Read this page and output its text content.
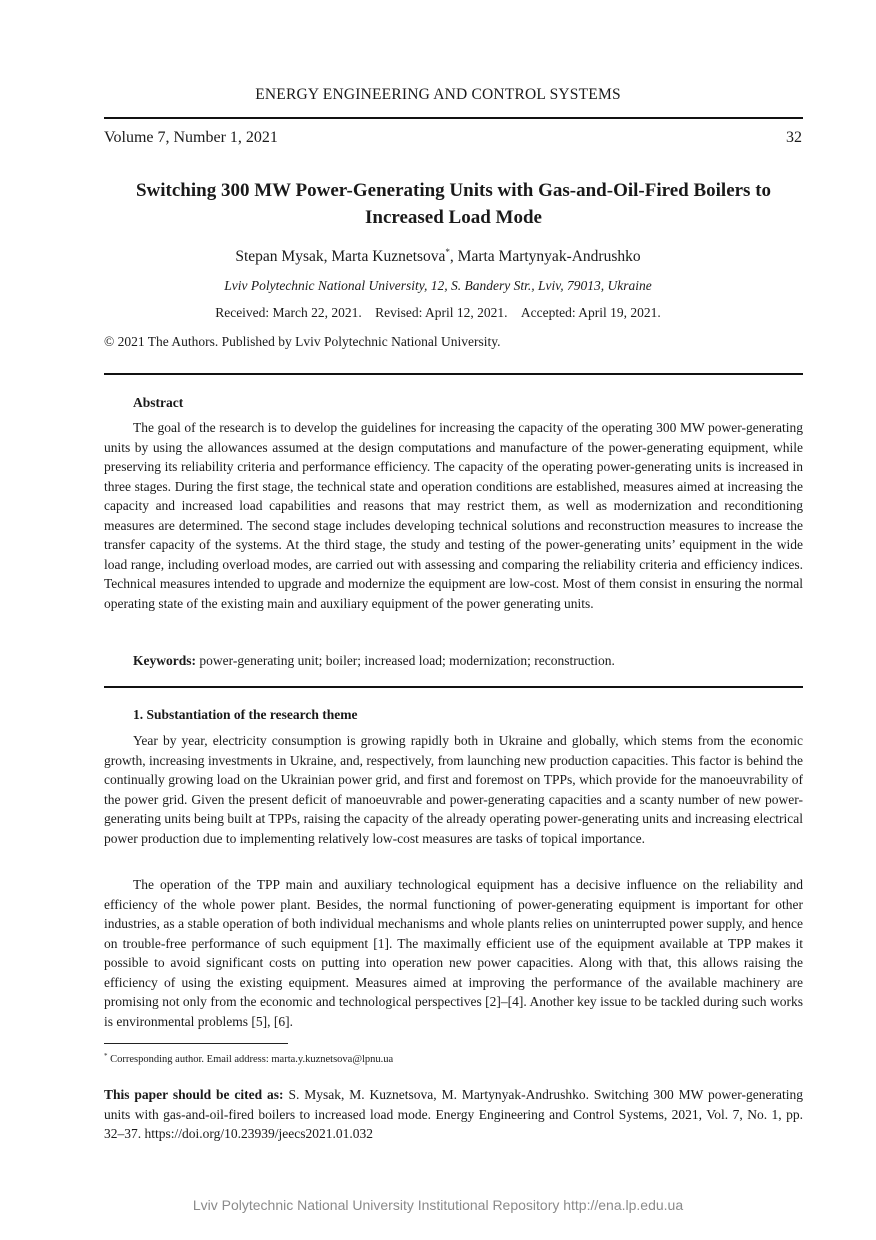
ENERGY ENGINEERING AND CONTROL SYSTEMS
Volume 7, Number 1, 2021	32
Switching 300 MW Power-Generating Units with Gas-and-Oil-Fired Boilers to Increased Load Mode
Stepan Mysak, Marta Kuznetsova*, Marta Martynyak-Andrushko
Lviv Polytechnic National University, 12, S. Bandery Str., Lviv, 79013, Ukraine
Received: March 22, 2021. Revised: April 12, 2021. Accepted: April 19, 2021.
© 2021 The Authors. Published by Lviv Polytechnic National University.
Abstract

The goal of the research is to develop the guidelines for increasing the capacity of the operating 300 MW power-generating units by using the allowances assumed at the design computations and manufacture of the power-generating equipment, while preserving its reliability criteria and performance efficiency. The capacity of the operating power-generating units is increased in three stages. During the first stage, the technical state and operation conditions are established, measures aimed at increasing the capacity and increased load capabilities and reasons that may restrict them, as well as modernization and reconditioning measures are determined. The second stage includes developing technical solutions and reconstruction measures to increase the transfer capacity of the systems. At the third stage, the study and testing of the power-generating units’ equipment in the wide load range, including overload modes, are carried out with assessing and comparing the reliability criteria and efficiency indices. Technical measures intended to upgrade and modernize the equipment are low-cost. Most of them consist in ensuring the normal operating state of the existing main and auxiliary equipment of the power generating units.

Keywords: power-generating unit; boiler; increased load; modernization; reconstruction.
1. Substantiation of the research theme

Year by year, electricity consumption is growing rapidly both in Ukraine and globally, which stems from the economic growth, increasing investments in Ukraine, and, respectively, from launching new production capacities. This factor is behind the continually growing load on the Ukrainian power grid, and first and foremost on TPPs, which provide for the manoeuvrability of the power grid. Given the present deficit of manoeuvrable and power-generating capacities and a scanty number of new power-generating units being built at TPPs, raising the capacity of the already operating power-generating units and increasing electrical power production due to implementing relatively low-cost measures are tasks of topical importance.

The operation of the TPP main and auxiliary technological equipment has a decisive influence on the reliability and efficiency of the whole power plant. Besides, the normal functioning of power-generating equipment is important for other industries, as a stable operation of both individual mechanisms and whole plants relies on uninterrupted power supply, and hence on trouble-free performance of such equipment [1]. The maximally efficient use of the equipment available at TPP makes it possible to avoid significant costs on putting into operation new power capacities. Along with that, this allows raising the efficiency of using the existing equipment. Measures aimed at improving the performance of the available machinery are promising not only from the economic and technological perspectives [2]–[4]. Another key issue to be tackled during such works is environmental problems [5], [6].

* Corresponding author. Email address: marta.y.kuznetsova@lpnu.ua

This paper should be cited as: S. Mysak, M. Kuznetsova, M. Martynyak-Andrushko. Switching 300 MW power-generating units with gas-and-oil-fired boilers to increased load mode. Energy Engineering and Control Systems, 2021, Vol. 7, No. 1, pp. 32–37. https://doi.org/10.23939/jeecs2021.01.032

Lviv Polytechnic National University Institutional Repository http://ena.lp.edu.ua
